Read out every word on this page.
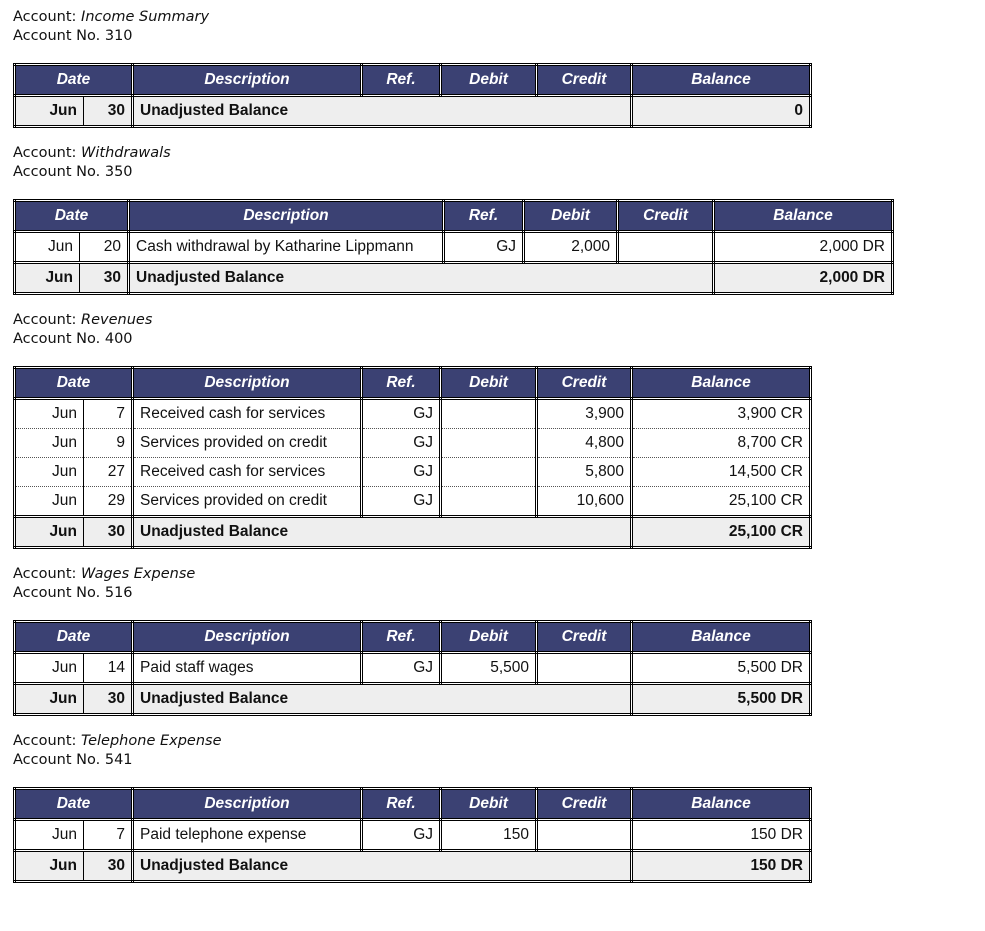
Account: Income Summary
Account No. 310
Date		Description	Ref.	Debit	Credit	Balance
Jun	30	Unadjusted Balance				0
Account: Withdrawals
Account No. 350
Date		Description	Ref.	Debit	Credit	Balance
Jun	20	Cash withdrawal by Katharine Lippmann	GJ	2,000		2,000 DR
Jun	30	Unadjusted Balance				2,000 DR
Account: Revenues
Account No. 400
Date		Description	Ref.	Debit	Credit	Balance
Jun	7	Received cash for services	GJ		3,900	3,900 CR
Jun	9	Services provided on credit	GJ		4,800	8,700 CR
Jun	27	Received cash for services	GJ		5,800	14,500 CR
Jun	29	Services provided on credit	GJ		10,600	25,100 CR
Jun	30	Unadjusted Balance				25,100 CR
Account: Wages Expense
Account No. 516
Date		Description	Ref.	Debit	Credit	Balance
Jun	14	Paid staff wages	GJ	5,500		5,500 DR
Jun	30	Unadjusted Balance				5,500 DR
Account: Telephone Expense
Account No. 541
Date		Description	Ref.	Debit	Credit	Balance
Jun	7	Paid telephone expense	GJ	150		150 DR
Jun	30	Unadjusted Balance				150 DR
